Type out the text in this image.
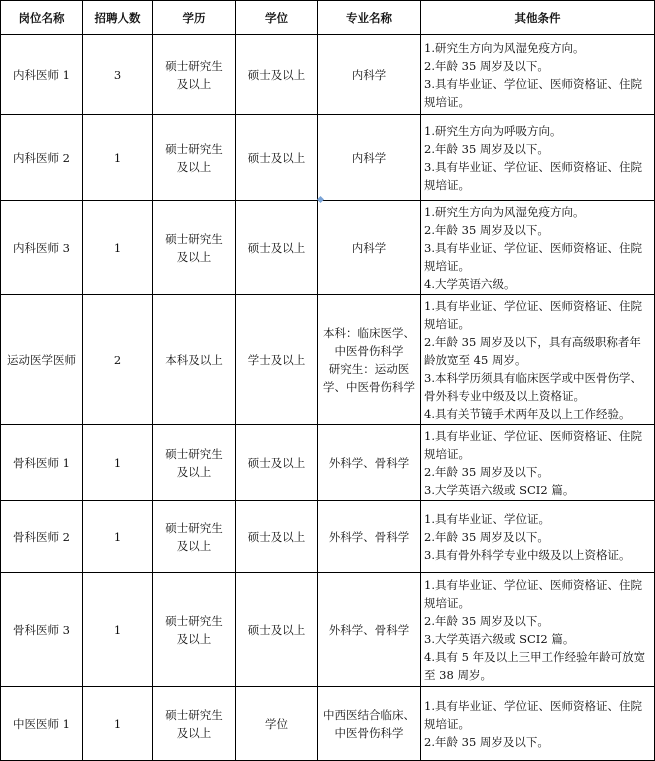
岗位名称	招聘人数	学历	学位	专业名称	其他条件
内科医师 1	3	硕士研究生及以上	硕士及以上	内科学	1.研究生方向为风湿免疫方向。
2.年龄 35 周岁及以下。
3.具有毕业证、学位证、医师资格证、住院规培证。

内科医师 2	1	硕士研究生及以上	硕士及以上	内科学	1.研究生方向为呼吸方向。
2.年龄 35 周岁及以下。
3.具有毕业证、学位证、医师资格证、住院规培证。

内科医师 3	1	硕士研究生及以上	硕士及以上	内科学	1.研究生方向为风湿免疫方向。
2.年龄 35 周岁及以下。
3.具有毕业证、学位证、医师资格证、住院规培证。
4.大学英语六级。

运动医学医师	2	本科及以上	学士及以上	本科：临床医学、中医骨伤科学
研究生：运动医学、中医骨伤科学	1.具有毕业证、学位证、医师资格证、住院规培证。
2.年龄 35 周岁及以下，具有高级职称者年龄放宽至 45 周岁。
3.本科学历须具有临床医学或中医骨伤学、骨外科专业中级及以上资格证。
4.具有关节镜手术两年及以上工作经验。

骨科医师 1	1	硕士研究生及以上	硕士及以上	外科学、骨科学	1.具有毕业证、学位证、医师资格证、住院规培证。
2.年龄 35 周岁及以下。
3.大学英语六级或 SCI2 篇。

骨科医师 2	1	硕士研究生及以上	硕士及以上	外科学、骨科学	1.具有毕业证、学位证。
2.年龄 35 周岁及以下。
3.具有骨外科学专业中级及以上资格证。

骨科医师 3	1	硕士研究生及以上	硕士及以上	外科学、骨科学	1.具有毕业证、学位证、医师资格证、住院规培证。
2.年龄 35 周岁及以下。
3.大学英语六级或 SCI2 篇。
4.具有 5 年及以上三甲工作经验年龄可放宽至 38 周岁。

中医医师 1	1	硕士研究生及以上	学位	中西医结合临床、中医骨伤科学	1.具有毕业证、学位证、医师资格证、住院规培证。
2.年龄 35 周岁及以下。
